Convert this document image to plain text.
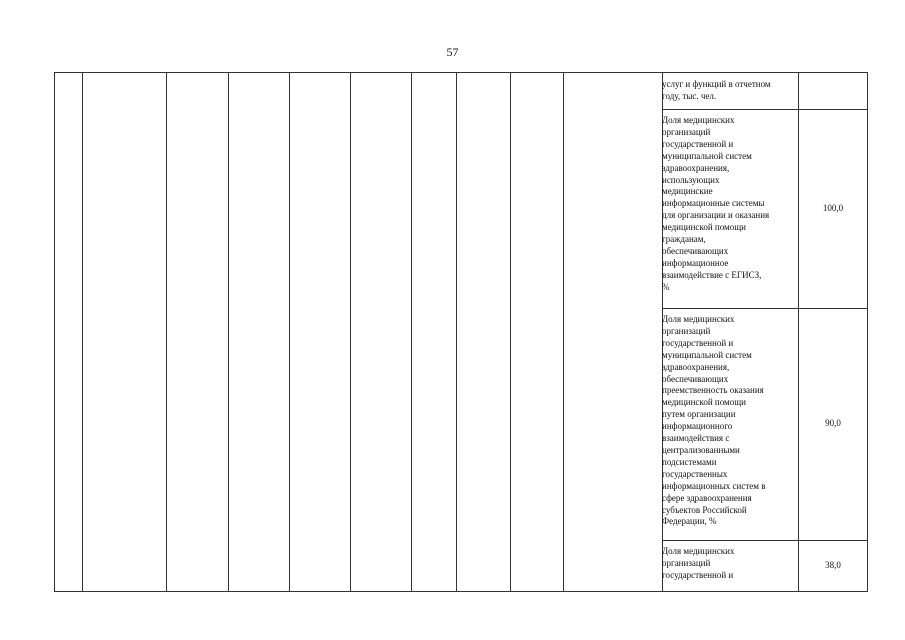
57
услуг и функций в отчетном
году, тыс. чел.
Доля медицинских
организаций
государственной и
муниципальной систем
здравоохранения,
использующих
медицинские
информационные системы
для организации и оказания
медицинской помощи
гражданам,
обеспечивающих
информационное
взаимодействие с ЕГИСЗ,
%
100,0
Доля медицинских
организаций
государственной и
муниципальной систем
здравоохранения,
обеспечивающих
преемственность оказания
медицинской помощи
путем организации
информационного
взаимодействия с
централизованными
подсистемами
государственных
информационных систем в
сфере здравоохранения
субъектов Российской
Федерации, %
90,0
Доля медицинских
организаций
государственной и
38,0
